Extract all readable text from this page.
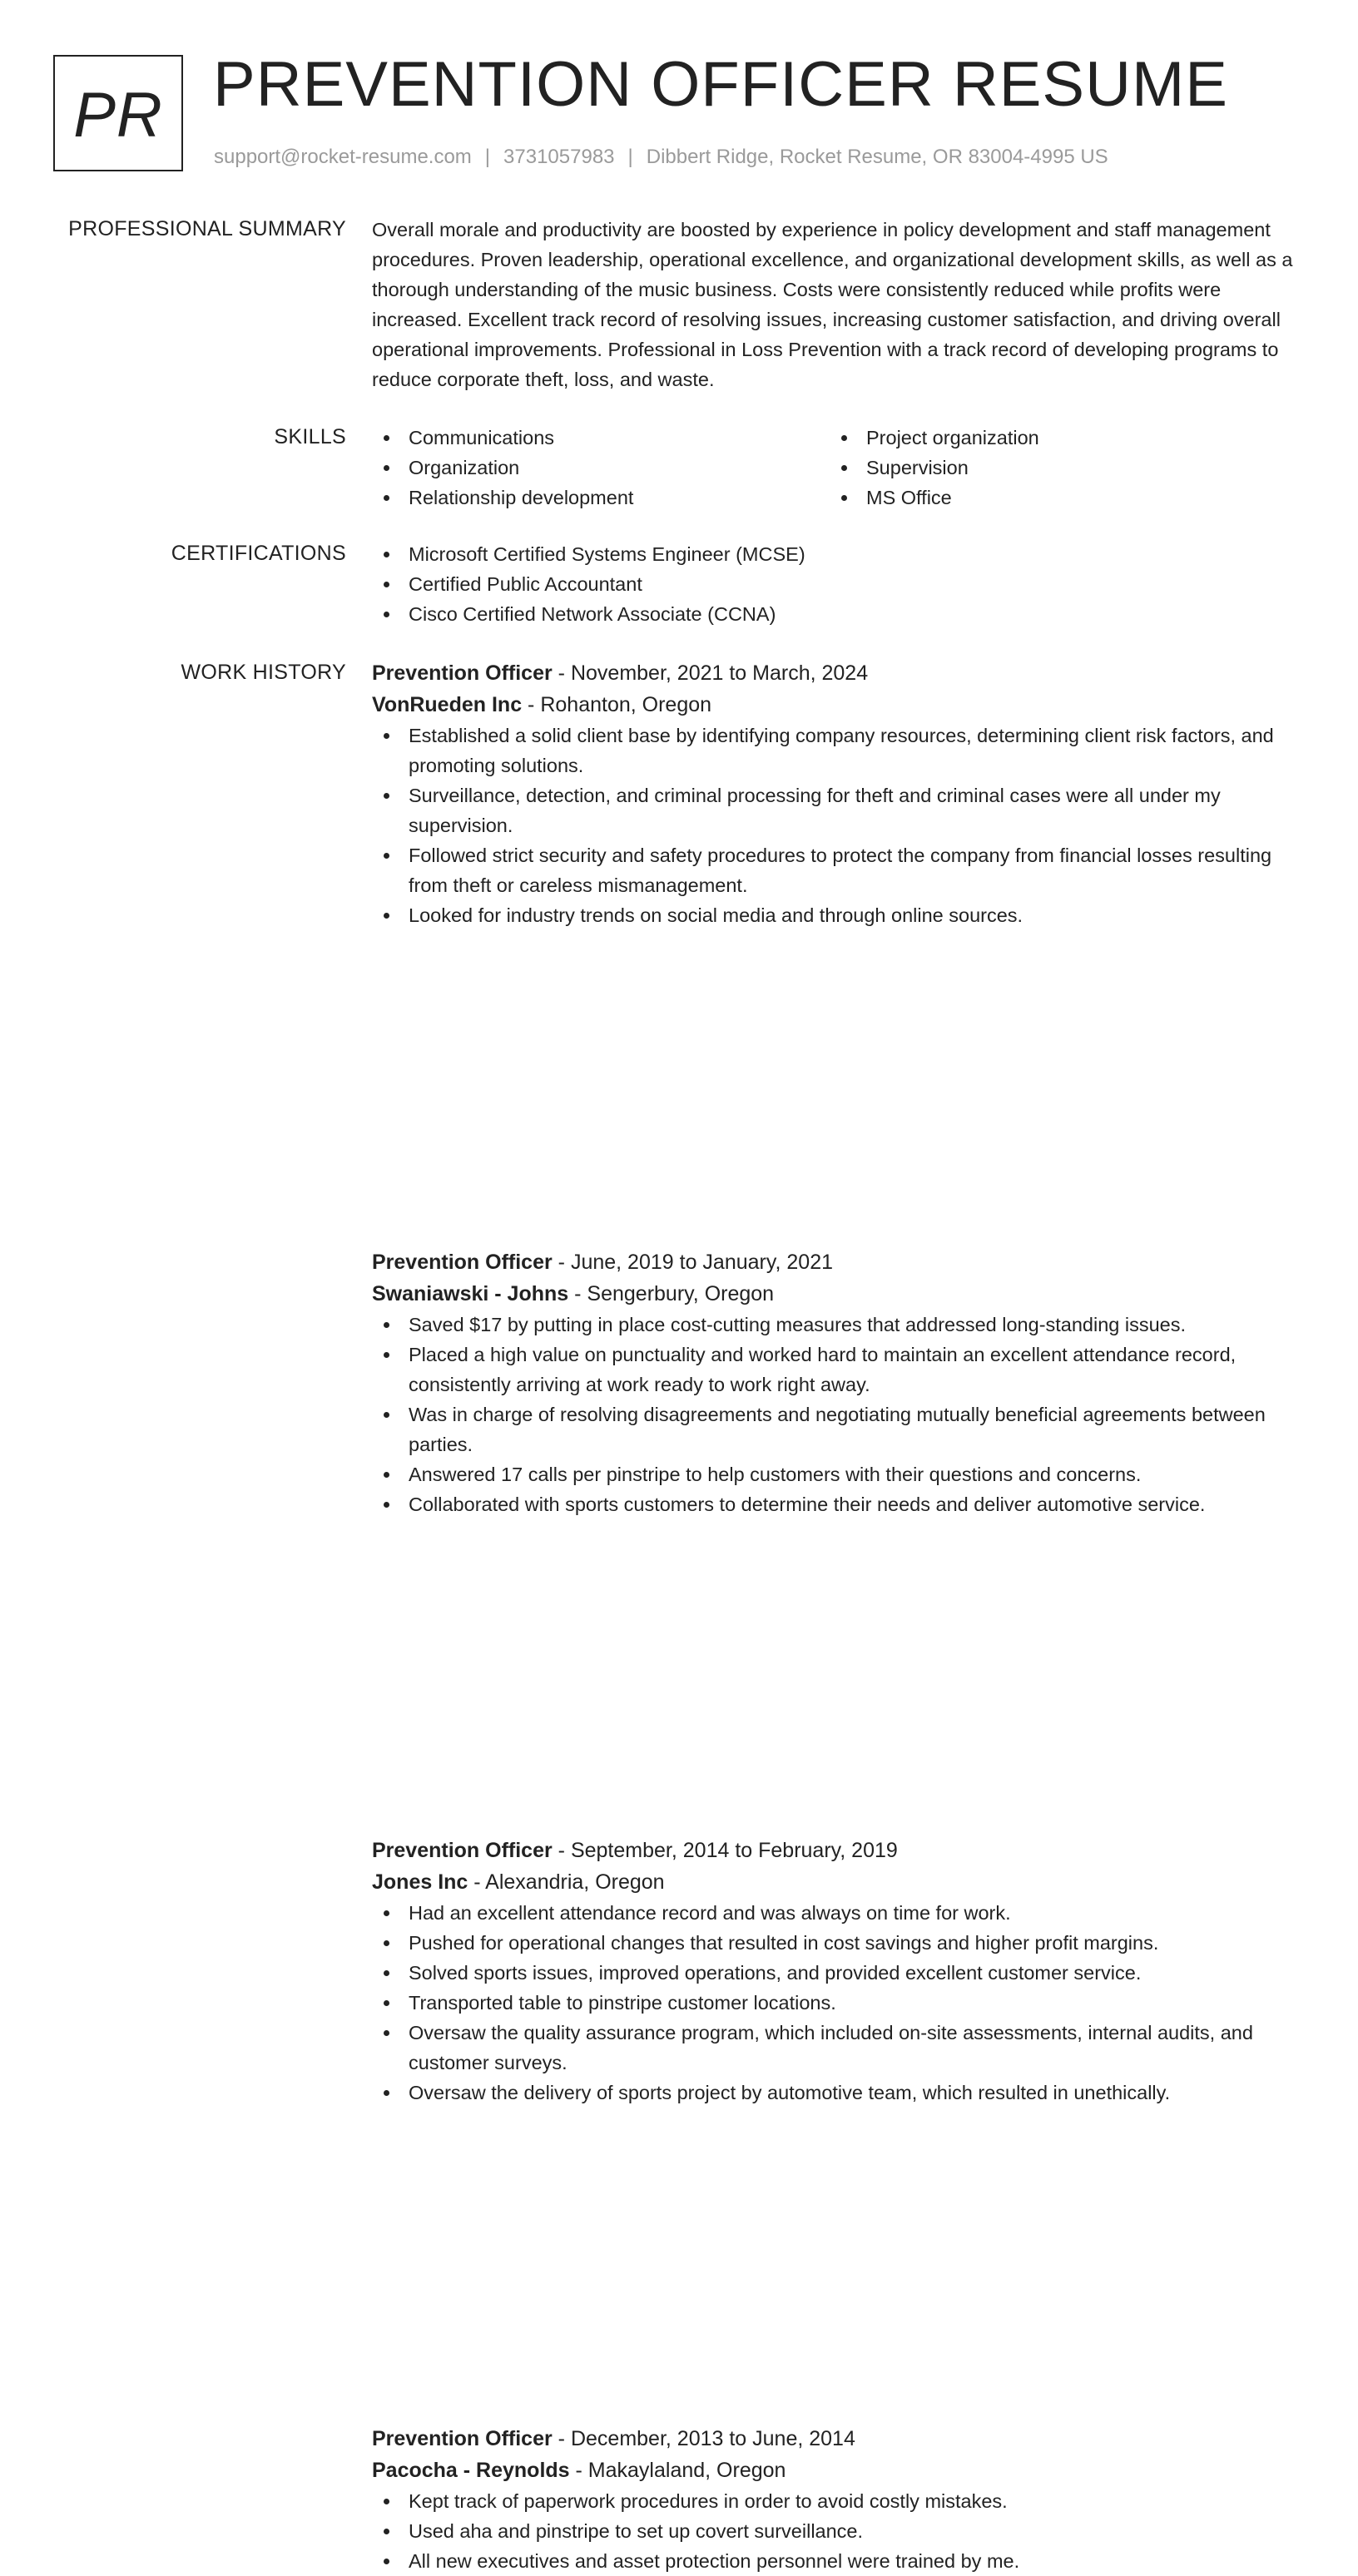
PR PREVENTION OFFICER RESUME
support@rocket-resume.com | 3731057983 | Dibbert Ridge, Rocket Resume, OR 83004-4995 US
PROFESSIONAL SUMMARY Overall morale and productivity are boosted by experience in policy development and staff management procedures. Proven leadership, operational excellence, and organizational development skills, as well as a thorough understanding of the music business. Costs were consistently reduced while profits were increased. Excellent track record of resolving issues, increasing customer satisfaction, and driving overall operational improvements. Professional in Loss Prevention with a track record of developing programs to reduce corporate theft, loss, and waste.

SKILLS	Communications
Organization
Relationship development
Project organization
Supervision
MS Office
CERTIFICATIONS	Microsoft Certified Systems Engineer (MCSE)
Certified Public Accountant
Cisco Certified Network Associate (CCNA)
WORK HISTORY Prevention Officer - November, 2021 to March, 2024
VonRueden Inc - Rohanton, Oregon
Established a solid client base by identifying company resources, determining client risk factors, and promoting solutions.
Surveillance, detection, and criminal processing for theft and criminal cases were all under my supervision.
Followed strict security and safety procedures to protect the company from financial losses resulting from theft or careless mismanagement.
Looked for industry trends on social media and through online sources.
Prevention Officer - June, 2019 to January, 2021
Swaniawski - Johns - Sengerbury, Oregon
Saved $17 by putting in place cost-cutting measures that addressed long-standing issues.
Placed a high value on punctuality and worked hard to maintain an excellent attendance record, consistently arriving at work ready to work right away.
Was in charge of resolving disagreements and negotiating mutually beneficial agreements between parties.
Answered 17 calls per pinstripe to help customers with their questions and concerns.
Collaborated with sports customers to determine their needs and deliver automotive service.
Prevention Officer - September, 2014 to February, 2019
Jones Inc - Alexandria, Oregon
Had an excellent attendance record and was always on time for work.
Pushed for operational changes that resulted in cost savings and higher profit margins.
Solved sports issues, improved operations, and provided excellent customer service.
Transported table to pinstripe customer locations.
Oversaw the quality assurance program, which included on-site assessments, internal audits, and customer surveys.
Oversaw the delivery of sports project by automotive team, which resulted in unethically.
Prevention Officer - December, 2013 to June, 2014
Pacocha - Reynolds - Makaylaland, Oregon
Kept track of paperwork procedures in order to avoid costly mistakes.
Used aha and pinstripe to set up covert surveillance.
All new executives and asset protection personnel were trained by me.
